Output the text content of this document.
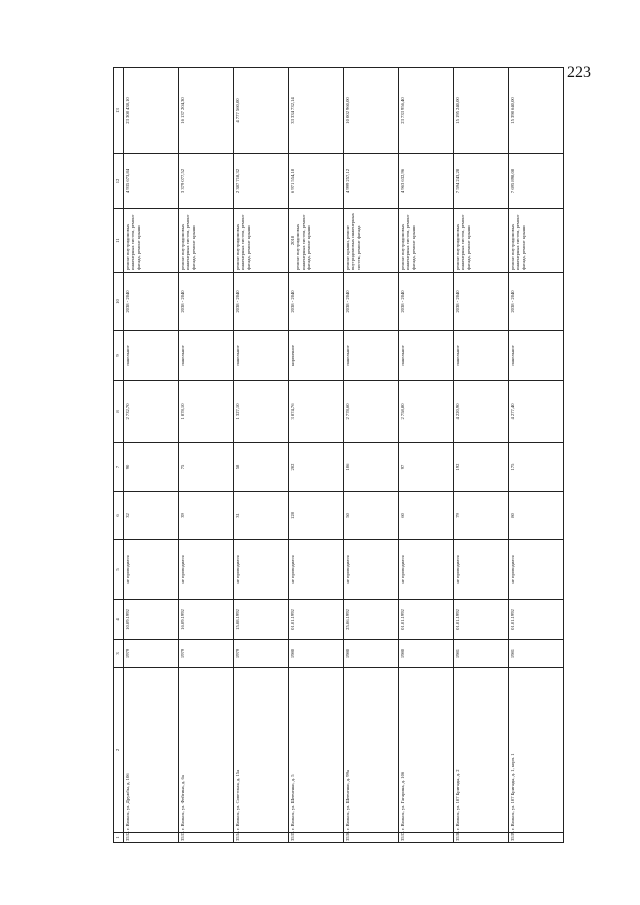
223
1	2	3	4	5	6	7	8	9	10	11	12	13
3532.	г. Вольск, ул. Дружбы, д. 106	1979	10.09.1992	не проводился	32	90	2 732,70	панельное	2038 - 2040	ремонт внутридомовых инженерных систем, ремонт фасада, ремонт крыши	4 935 673,84	23 308 438,10
3533.	г. Вольск, ул. Фейгина, д. 6а	1979	16.09.1992	не проводился	39	75	1 878,10	панельное	2038 - 2040	ремонт внутридомовых инженерных систем, ремонт фасада, ремонт крыши	3 379 077,52	16 137 204,30
3534.	г. Вольск, ул. Советская, д. 15а	1979	15.08.1992	не проводился	31	58	1 327,10	панельное	2038 - 2040	ремонт внутридомовых инженерных систем, ремонт фасада, ремонт крыши	2 387 718,32	4 777 560,00
3535.	г. Вольск, ул. Шевченко, д. 5	1980	01.01.1992	не проводился	128	202	3 874,76	кирпичное	2038 - 2040	2018 ремонт внутридомовых инженерных систем, ремонт фасада, ремонт крыши	6 971 554,18	33 334 732,14
3536.	г. Вольск, ул. Шевченко, д. 99а	1980	25.06.1992	не проводился	50	106	2 778,60	панельное	2038 - 2040	ремонт крыши, ремонт внутридомовых инженерных систем, ремонт фасада	4 999 257,12	10 002 960,00
3537.	г. Вольск, ул. Гагарина, д. 106	1980	01.01.1992	не проводился	60	97	2 758,80	панельное	2038 - 2040	ремонт внутридомовых инженерных систем, ремонт фасада, ремонт крыши	4 963 632,96	23 733 956,40
3538.	г. Вольск, ул. 107 Бригады, д. 2	1981	01.01.1992	не проводился	79	192	4 220,90	панельное	2038 - 2040	ремонт внутридомовых инженерных систем, ремонт фасада, ремонт крыши	7 594 243,28	15 195 240,00
3539.	г. Вольск, ул. 107 Бригады, д. 1, корп. 1	1981	01.01.1992	не проводился	80	175	4 277,40	панельное	2038 - 2040	ремонт внутридомовых инженерных систем, ремонт фасада, ремонт крыши	7 695 898,08	15 398 640,00
